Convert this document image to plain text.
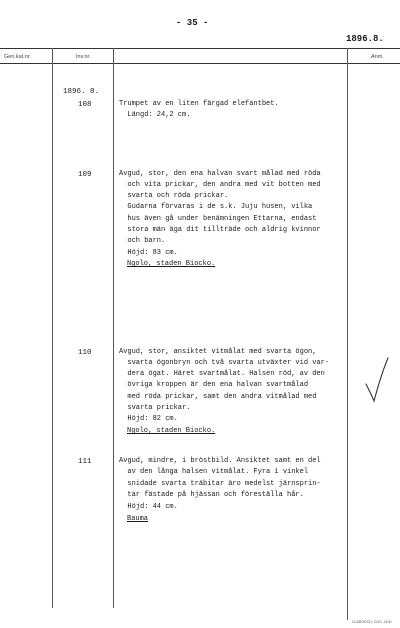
- 35 -
1896.8.
Gen.kat.nr.	Inv.nr.	Anm.
1896. 8.
108	Trumpet av en liten färgad elefantbet.
Längd: 24,2 cm.
109	Avgud, stor, den ena halvan svart målad med röda
och vita prickar, den andra med vit botten med
svarta och röda prickar.
Gudarna förvaras i de s.k. Juju husen, vilka
hus även gå under benämningen Ettarna, endast
stora män äga dit tillträde och aldrig kvinnor
och barn.
Höjd: 83 cm.
Ngolo, staden Biocko.
110	Avgud, stor, ansiktet vitmålat med svarta ögon,
svarta ögonbryn och två svarta utväxter vid var-
dera ögat. Häret svartmålat. Halsen röd, av den
övriga kroppen är den ena halvan svartmålad
med röda prickar, samt den andra vitmålad med
svarta prickar.
Höjd: 82 cm.
Ngolo, staden Biocko.
111	Avgud, mindre, i bröstbild. Ansiktet samt en del
av den långa halsen vitmålat. Fyra i vinkel
snidade svarta träbitar äro medelst järnsprin-
tar fästade på hjässan och föreställa hår.
Höjd: 44 cm.
Bauma
CLARODCO. COO. 4130
